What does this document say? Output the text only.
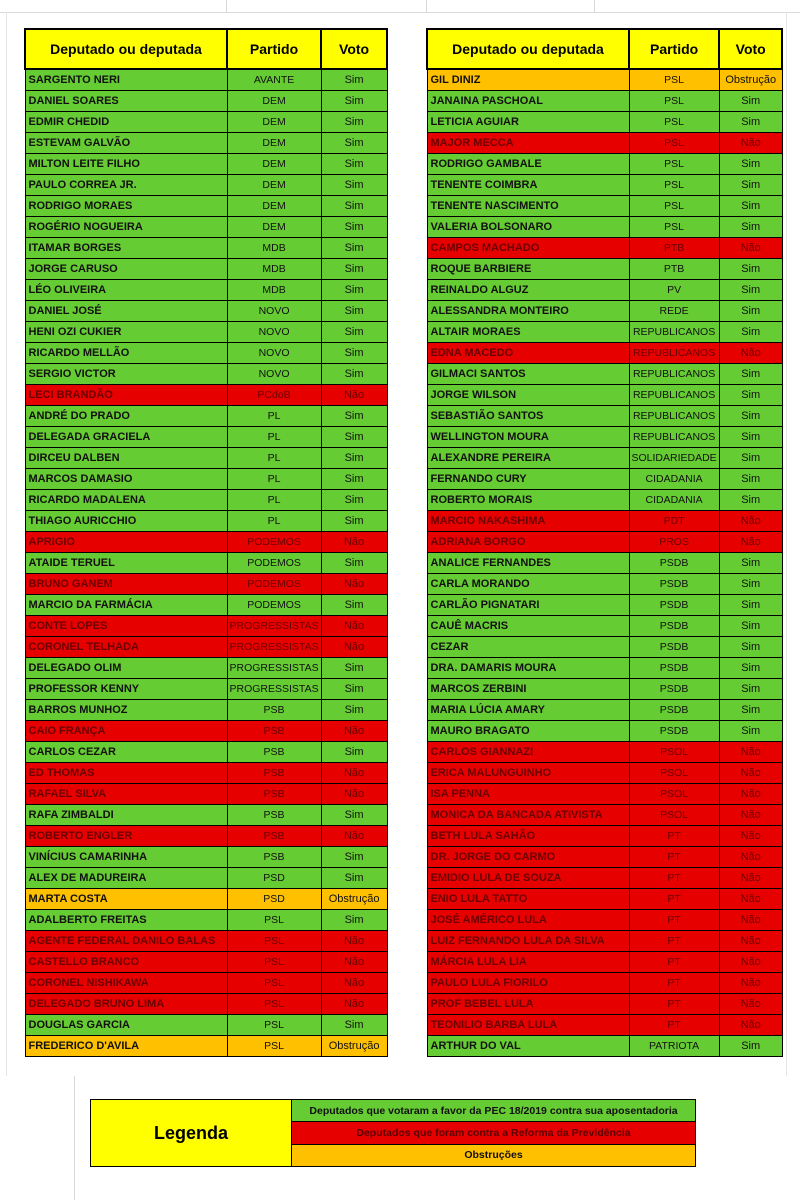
Deputado ou deputada	Partido	Voto
SARGENTO NERI	AVANTE	Sim
DANIEL SOARES	DEM	Sim
EDMIR CHEDID	DEM	Sim
ESTEVAM GALVÃO	DEM	Sim
MILTON LEITE FILHO	DEM	Sim
PAULO CORREA JR.	DEM	Sim
RODRIGO MORAES	DEM	Sim
ROGÉRIO NOGUEIRA	DEM	Sim
ITAMAR BORGES	MDB	Sim
JORGE CARUSO	MDB	Sim
LÉO OLIVEIRA	MDB	Sim
DANIEL JOSÉ	NOVO	Sim
HENI OZI CUKIER	NOVO	Sim
RICARDO MELLÃO	NOVO	Sim
SERGIO VICTOR	NOVO	Sim
LECI BRANDÃO	PCdoB	Não
ANDRÉ DO PRADO	PL	Sim
DELEGADA GRACIELA	PL	Sim
DIRCEU DALBEN	PL	Sim
MARCOS DAMASIO	PL	Sim
RICARDO MADALENA	PL	Sim
THIAGO AURICCHIO	PL	Sim
APRIGIO	PODEMOS	Não
ATAIDE TERUEL	PODEMOS	Sim
BRUNO GANEM	PODEMOS	Não
MARCIO DA FARMÁCIA	PODEMOS	Sim
CONTE LOPES	PROGRESSISTAS	Não
CORONEL TELHADA	PROGRESSISTAS	Não
DELEGADO OLIM	PROGRESSISTAS	Sim
PROFESSOR KENNY	PROGRESSISTAS	Sim
BARROS MUNHOZ	PSB	Sim
CAIO FRANÇA	PSB	Não
CARLOS CEZAR	PSB	Sim
ED THOMAS	PSB	Não
RAFAEL SILVA	PSB	Não
RAFA ZIMBALDI	PSB	Sim
ROBERTO ENGLER	PSB	Não
VINÍCIUS CAMARINHA	PSB	Sim
ALEX DE MADUREIRA	PSD	Sim
MARTA COSTA	PSD	Obstrução
ADALBERTO FREITAS	PSL	Sim
AGENTE FEDERAL DANILO BALAS	PSL	Não
CASTELLO BRANCO	PSL	Não
CORONEL NISHIKAWA	PSL	Não
DELEGADO BRUNO LIMA	PSL	Não
DOUGLAS GARCIA	PSL	Sim
FREDERICO D'AVILA	PSL	Obstrução
Deputado ou deputada	Partido	Voto
GIL DINIZ	PSL	Obstrução
JANAINA PASCHOAL	PSL	Sim
LETICIA AGUIAR	PSL	Sim
MAJOR MECCA	PSL	Não
RODRIGO GAMBALE	PSL	Sim
TENENTE COIMBRA	PSL	Sim
TENENTE NASCIMENTO	PSL	Sim
VALERIA BOLSONARO	PSL	Sim
CAMPOS MACHADO	PTB	Não
ROQUE BARBIERE	PTB	Sim
REINALDO ALGUZ	PV	Sim
ALESSANDRA MONTEIRO	REDE	Sim
ALTAIR MORAES	REPUBLICANOS	Sim
EDNA MACEDO	REPUBLICANOS	Não
GILMACI SANTOS	REPUBLICANOS	Sim
JORGE WILSON	REPUBLICANOS	Sim
SEBASTIÃO SANTOS	REPUBLICANOS	Sim
WELLINGTON MOURA	REPUBLICANOS	Sim
ALEXANDRE PEREIRA	SOLIDARIEDADE	Sim
FERNANDO CURY	CIDADANIA	Sim
ROBERTO MORAIS	CIDADANIA	Sim
MARCIO NAKASHIMA	PDT	Não
ADRIANA BORGO	PROS	Não
ANALICE FERNANDES	PSDB	Sim
CARLA MORANDO	PSDB	Sim
CARLÃO PIGNATARI	PSDB	Sim
CAUÊ MACRIS	PSDB	Sim
CEZAR	PSDB	Sim
DRA. DAMARIS MOURA	PSDB	Sim
MARCOS ZERBINI	PSDB	Sim
MARIA LÚCIA AMARY	PSDB	Sim
MAURO BRAGATO	PSDB	Sim
CARLOS GIANNAZI	PSOL	Não
ERICA MALUNGUINHO	PSOL	Não
ISA PENNA	PSOL	Não
MONICA DA BANCADA ATIVISTA	PSOL	Não
BETH LULA SAHÃO	PT	Não
DR. JORGE DO CARMO	PT	Não
EMIDIO LULA DE SOUZA	PT	Não
ENIO LULA TATTO	PT	Não
JOSÉ AMÉRICO LULA	PT	Não
LUIZ FERNANDO LULA DA SILVA	PT	Não
MÁRCIA LULA LIA	PT	Não
PAULO LULA FIORILO	PT	Não
PROF BEBEL LULA	PT	Não
TEONILIO BARBA LULA	PT	Não
ARTHUR DO VAL	PATRIOTA	Sim
Legenda
Deputados que votaram a favor da PEC 18/2019 contra sua aposentadoria
Deputados que foram contra a Reforma da Previdência
Obstruções
